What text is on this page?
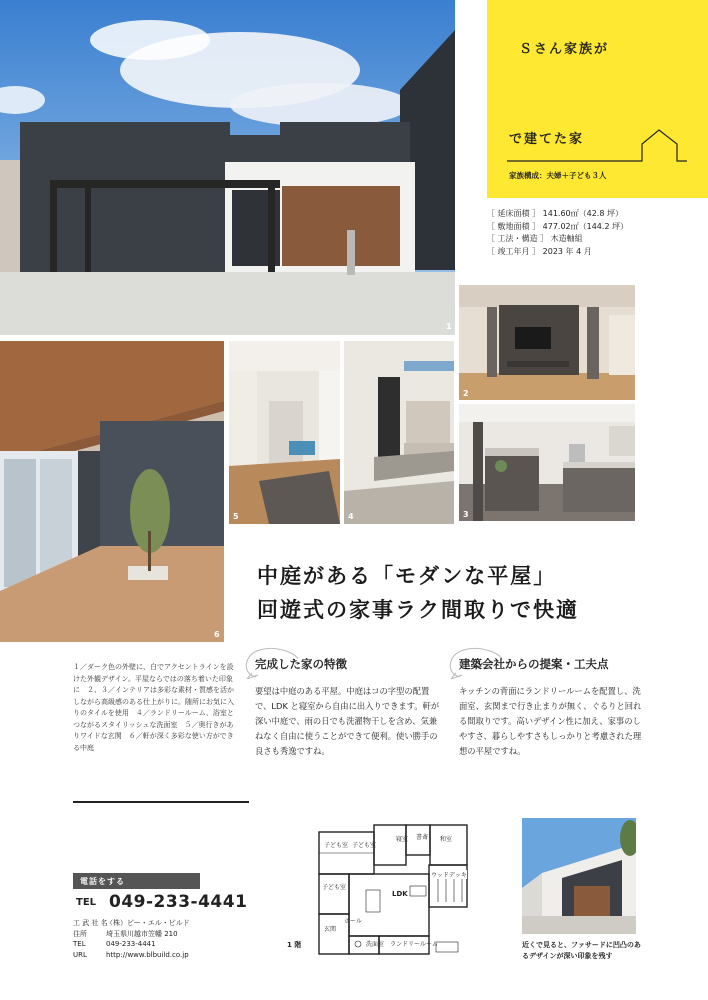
1
Ｓさん家族が
で建てた家
家族構成：夫婦＋子ども３人
［ 延床面積 ］ 141.60㎡（42.8 坪）
［ 敷地面積 ］ 477.02㎡（144.2 坪）
［ 工法・構造 ］ 木造軸組
［ 竣工年月 ］ 2023 年 4 月
2
3
6
5	4
中庭がある「モダンな平屋」
回遊式の家事ラク間取りで快適
１／ダーク色の外壁に、白でアクセントラインを設けた外観デザイン。平屋ならではの落ち着いた印象に　２、３／インテリアは多彩な素材・質感を活かしながら高級感のある仕上がりに。随所にお気に入りのタイルを使用　４／ランドリールーム、浴室とつながるスタイリッシュな洗面室　５／奥行きがありワイドな玄関　６／軒が深く多彩な使い方ができる中庭
完成した家の特徴
要望は中庭のある平屋。中庭はコの字型の配置で、LDK と寝室から自由に出入りできます。軒が深い中庭で、雨の日でも洗濯物干しを含め、気兼ねなく自由に使うことができて便利。使い勝手の良さも秀逸ですね。
建築会社からの提案・工夫点
キッチンの背面にランドリールームを配置し、洗面室、玄関まで行き止まりが無く、ぐるりと回れる間取りです。高いデザイン性に加え、家事のしやすさ、暮らしやすさもしっかりと考慮された理想の平屋ですね。
電話をする
TEL 049-233-4441
工 武 社 名（株）ビー・エル・ビルド
住所	埼玉県川越市笠幡 210
TEL	049-233-4441
URL	http://www.blbuild.co.jp
1 階
子ども室 子ども室
寝室 書斎 和室
ウッドデッキ
子ども室
LDK
ホール
玄関
洗面室 ランドリールーム	近くで見ると、ファサードに凹凸のあるデザインが深い印象を残す
